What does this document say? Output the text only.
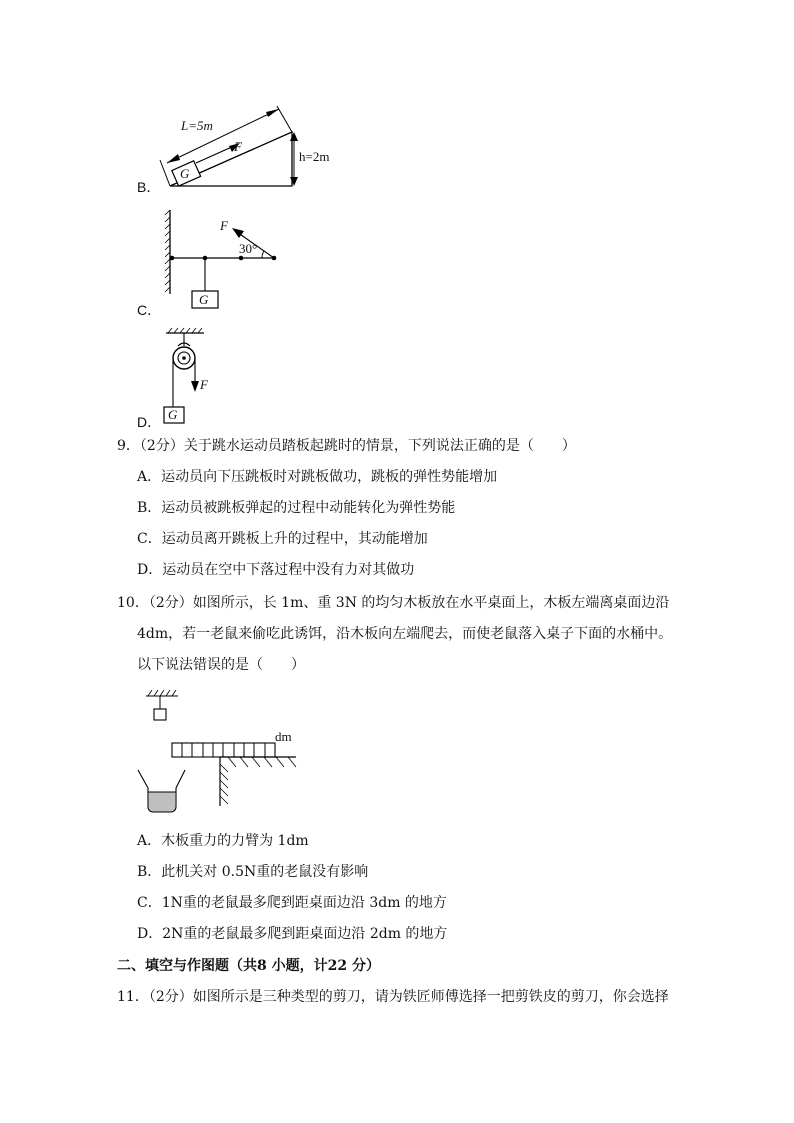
B．
L=5m
F
G
h=2m
C．
F
30°
G
D．
F
G
9．（2分）关于跳水运动员踏板起跳时的情景，下列说法正确的是（　　）
A．运动员向下压跳板时对跳板做功，跳板的弹性势能增加
B．运动员被跳板弹起的过程中动能转化为弹性势能
C．运动员离开跳板上升的过程中，其动能增加
D．运动员在空中下落过程中没有力对其做功
10．（2分）如图所示，长 1m、重 3N 的均匀木板放在水平桌面上，木板左端离桌面边沿
4dm，若一老鼠来偷吃此诱饵，沿木板向左端爬去，而使老鼠落入桌子下面的水桶中。
以下说法错误的是（　　）
dm
A．木板重力的力臂为 1dm
B．此机关对 0.5N重的老鼠没有影响
C．1N重的老鼠最多爬到距桌面边沿 3dm 的地方
D．2N重的老鼠最多爬到距桌面边沿 2dm 的地方
二、填空与作图题（共8 小题，计22 分）
11．（2分）如图所示是三种类型的剪刀，请为铁匠师傅选择一把剪铁皮的剪刀，你会选择
